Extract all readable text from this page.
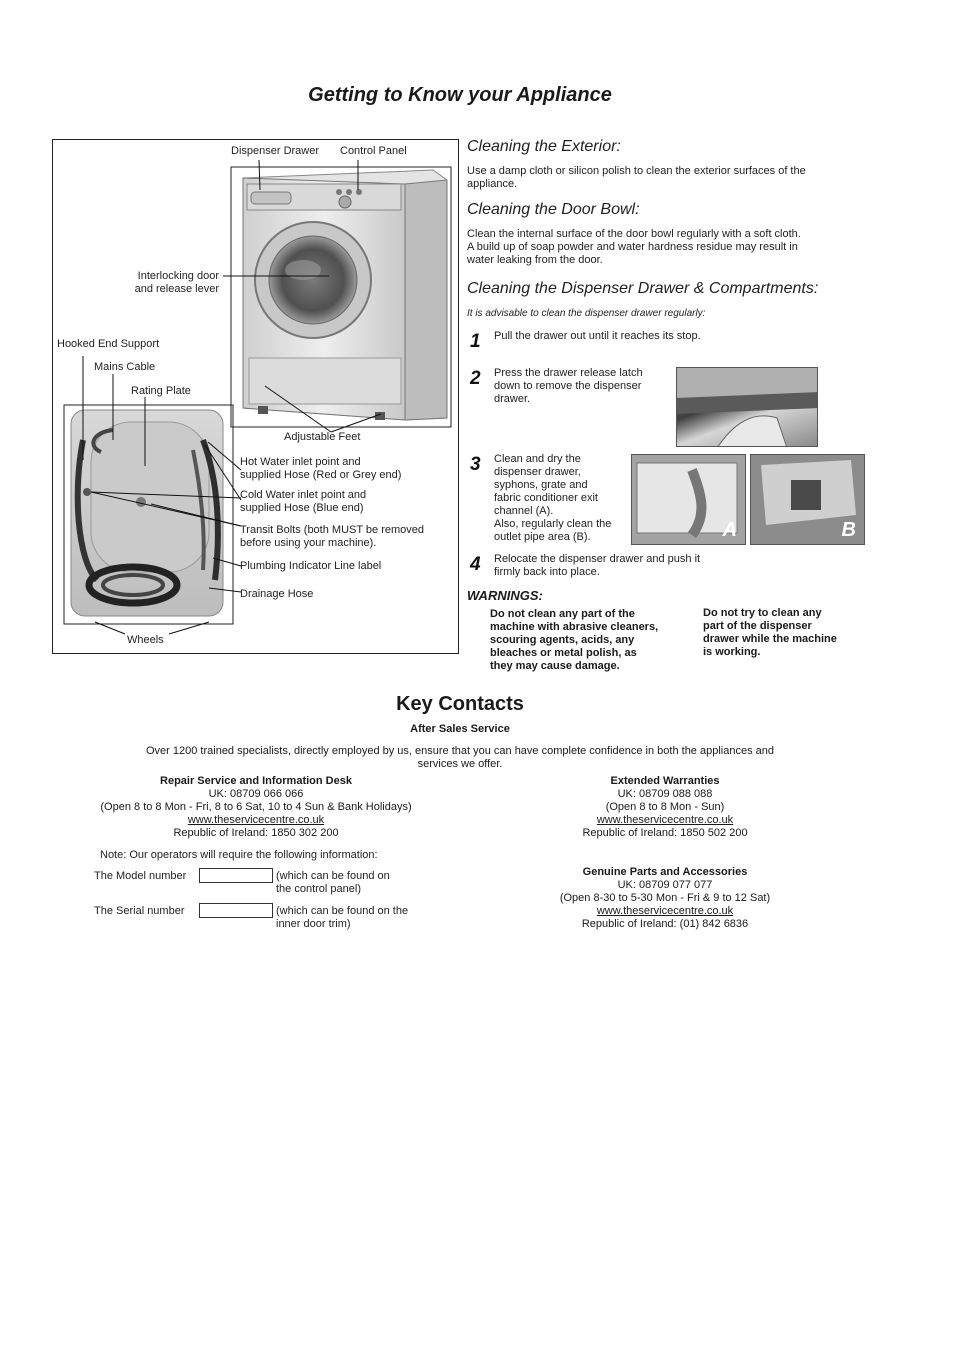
Getting to Know your Appliance
Dispenser Drawer Control Panel
Interlocking door
and release lever
Hooked End Support
Mains Cable
Rating Plate
Adjustable Feet
Hot Water inlet point and
supplied Hose (Red or Grey end)
Cold Water inlet point and
supplied Hose (Blue end)
Transit Bolts (both MUST be removed
before using your machine).
Plumbing Indicator Line label
Drainage Hose
Wheels
Cleaning the Exterior:
Use a damp cloth or silicon polish to clean the exterior surfaces of the
appliance.
Cleaning the Door Bowl:
Clean the internal surface of the door bowl regularly with a soft cloth.
A build up of soap powder and water hardness residue may result in
water leaking from the door.
Cleaning the Dispenser Drawer & Compartments:
It is advisable to clean the dispenser drawer regularly:
1 Pull the drawer out until it reaches its stop.
2 Press the drawer release latch
down to remove the dispenser
drawer.
3 Clean and dry the
dispenser drawer,
syphons, grate and
fabric conditioner exit
channel (A).
Also, regularly clean the
outlet pipe area (B).	A	B
4 Relocate the dispenser drawer and push it
firmly back into place.
WARNINGS:
Do not clean any part of the
machine with abrasive cleaners,
scouring agents, acids, any
bleaches or metal polish, as
they may cause damage.
Do not try to clean any
part of the dispenser
drawer while the machine
is working.
Key Contacts
After Sales Service
Over 1200 trained specialists, directly employed by us, ensure that you can have complete confidence in both the appliances and
services we offer.
Repair Service and Information Desk
UK: 08709 066 066
(Open 8 to 8 Mon - Fri, 8 to 6 Sat, 10 to 4 Sun & Bank Holidays)
www.theservicecentre.co.uk
Republic of Ireland: 1850 302 200
Extended Warranties
UK: 08709 088 088
(Open 8 to 8 Mon - Sun)
www.theservicecentre.co.uk
Republic of Ireland: 1850 502 200
Genuine Parts and Accessories
UK: 08709 077 077
(Open 8-30 to 5-30 Mon - Fri & 9 to 12 Sat)
www.theservicecentre.co.uk
Republic of Ireland: (01) 842 6836
Note: Our operators will require the following information:
The Model number	(which can be found on
the control panel)
The Serial number	(which can be found on the
inner door trim)
